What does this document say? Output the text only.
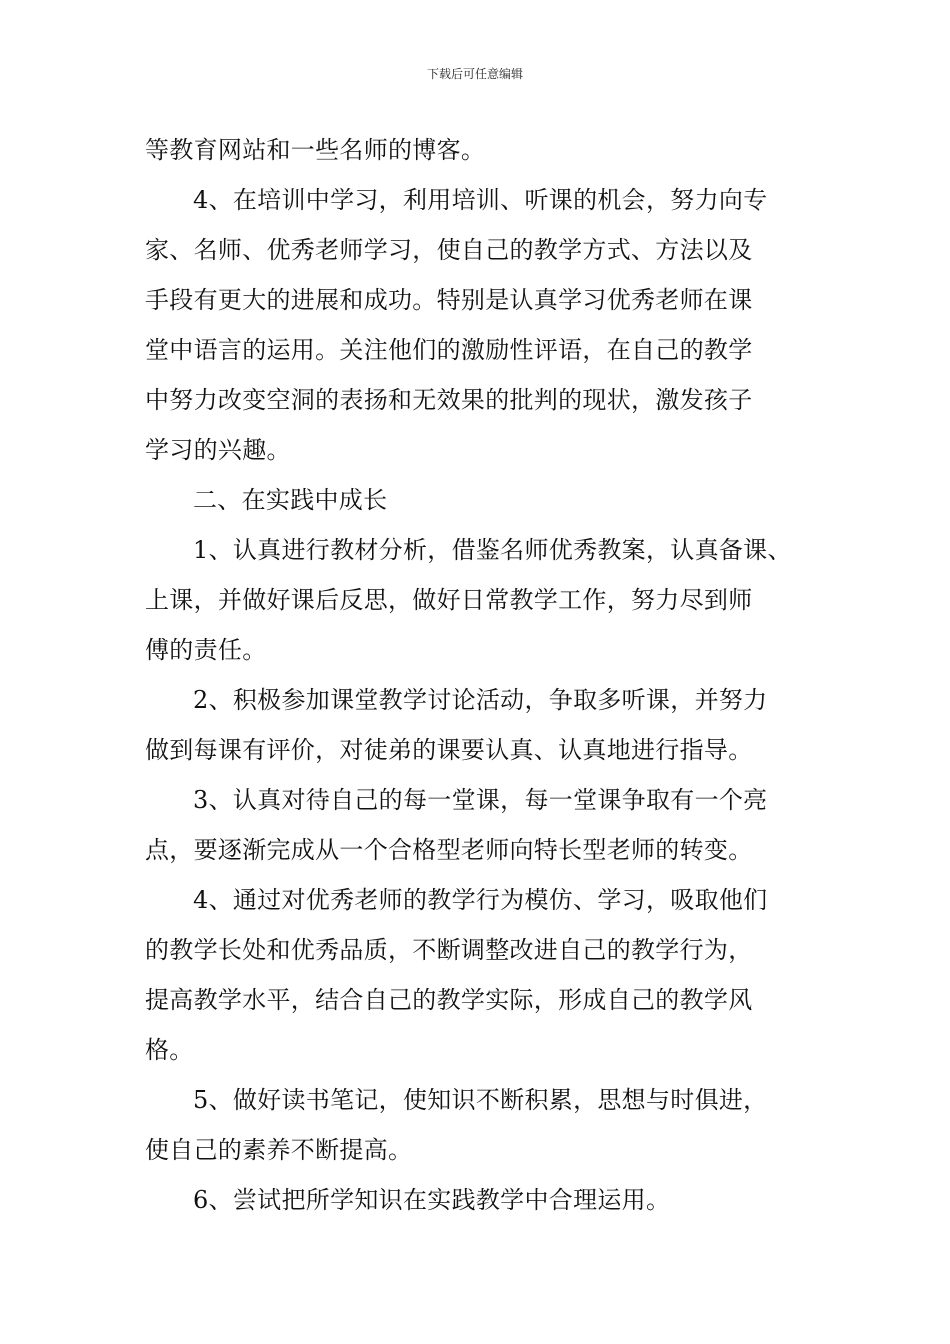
下载后可任意编辑
等教育网站和一些名师的博客。
4、在培训中学习，利用培训、听课的机会，努力向专
家、名师、优秀老师学习，使自己的教学方式、方法以及
手段有更大的进展和成功。特别是认真学习优秀老师在课
堂中语言的运用。关注他们的激励性评语，在自己的教学
中努力改变空洞的表扬和无效果的批判的现状，激发孩子
学习的兴趣。
二、在实践中成长
1、认真进行教材分析，借鉴名师优秀教案，认真备课、
上课，并做好课后反思，做好日常教学工作，努力尽到师
傅的责任。
2、积极参加课堂教学讨论活动，争取多听课，并努力
做到每课有评价，对徒弟的课要认真、认真地进行指导。
3、认真对待自己的每一堂课，每一堂课争取有一个亮
点，要逐渐完成从一个合格型老师向特长型老师的转变。
4、通过对优秀老师的教学行为模仿、学习，吸取他们
的教学长处和优秀品质，不断调整改进自己的教学行为，
提高教学水平，结合自己的教学实际，形成自己的教学风
格。
5、做好读书笔记，使知识不断积累，思想与时俱进，
使自己的素养不断提高。
6、尝试把所学知识在实践教学中合理运用。
